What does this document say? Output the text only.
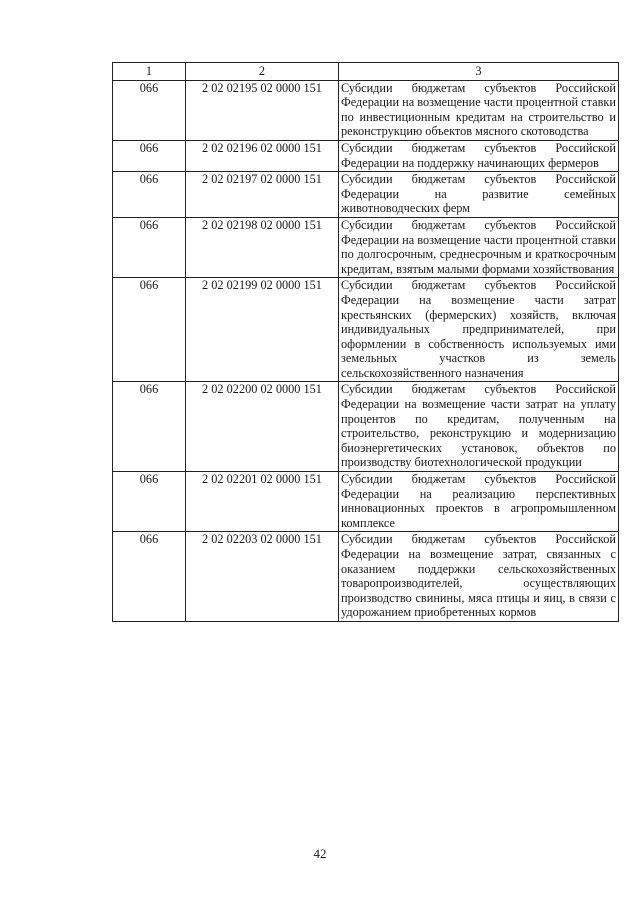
1	2	3
066	2 02 02195 02 0000 151	Субсидии бюджетам субъектов Российской Федерации на возмещение части процентной ставки по инвестиционным кредитам на строительство и реконструкцию объектов мясного скотоводства
066	2 02 02196 02 0000 151	Субсидии бюджетам субъектов Российской Федерации на поддержку начинающих фермеров
066	2 02 02197 02 0000 151	Субсидии бюджетам субъектов Российской Федерации на развитие семейных животноводческих ферм
066	2 02 02198 02 0000 151	Субсидии бюджетам субъектов Российской Федерации на возмещение части процентной ставки по долгосрочным, среднесрочным и краткосрочным кредитам, взятым малыми формами хозяйствования
066	2 02 02199 02 0000 151	Субсидии бюджетам субъектов Российской Федерации на возмещение части затрат крестьянских (фермерских) хозяйств, включая индивидуальных предпринимателей, при оформлении в собственность используемых ими земельных участков из земель сельскохозяйственного назначения
066	2 02 02200 02 0000 151	Субсидии бюджетам субъектов Российской Федерации на возмещение части затрат на уплату процентов по кредитам, полученным на строительство, реконструкцию и модернизацию биоэнергетических установок, объектов по производству биотехнологической продукции
066	2 02 02201 02 0000 151	Субсидии бюджетам субъектов Российской Федерации на реализацию перспективных инновационных проектов в агропромышленном комплексе
066	2 02 02203 02 0000 151	Субсидии бюджетам субъектов Российской Федерации на возмещение затрат, связанных с оказанием поддержки сельскохозяйственных товаропроизводителей, осуществляющих производство свинины, мяса птицы и яиц, в связи с удорожанием приобретенных кормов
42
